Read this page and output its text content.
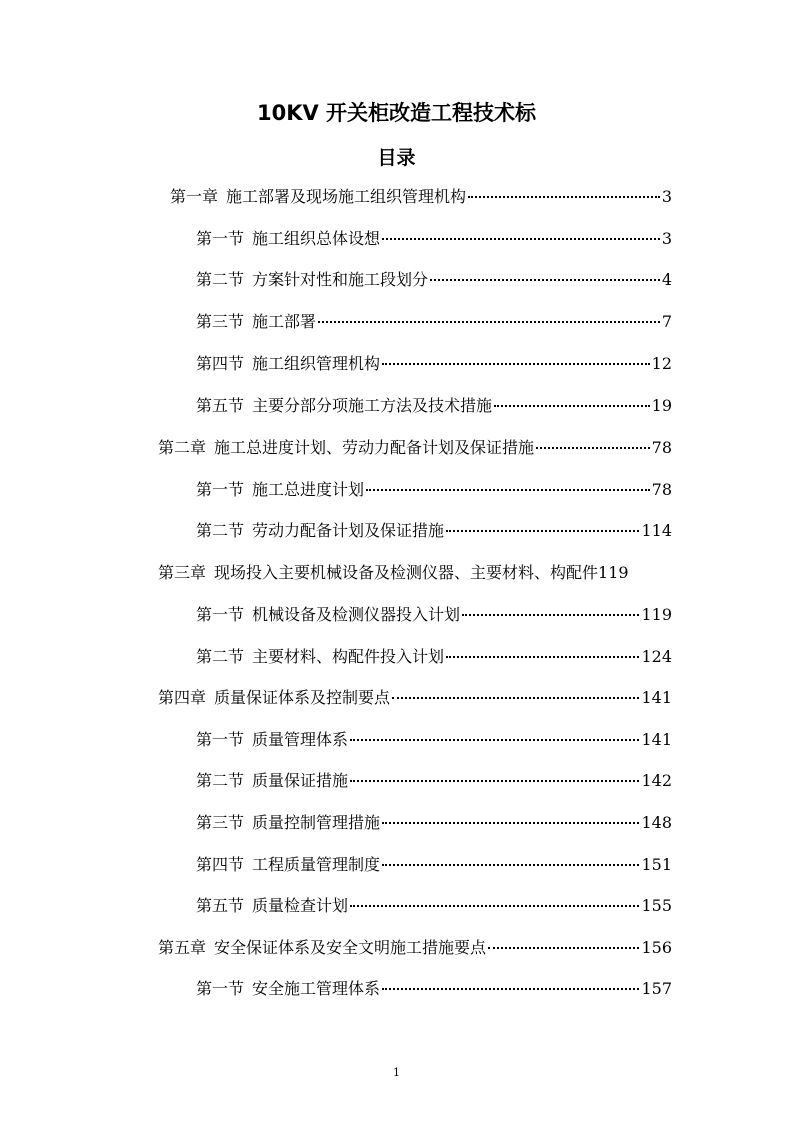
10KV 开关柜改造工程技术标
目录
第一章 施工部署及现场施工组织管理机构	3
第一节 施工组织总体设想	3
第二节 方案针对性和施工段划分	4
第三节 施工部署	7
第四节 施工组织管理机构	12
第五节 主要分部分项施工方法及技术措施	19
第二章 施工总进度计划、劳动力配备计划及保证措施	78
第一节 施工总进度计划	78
第二节 劳动力配备计划及保证措施	114
第三章 现场投入主要机械设备及检测仪器、主要材料、构配件 119
第一节 机械设备及检测仪器投入计划	119
第二节 主要材料、构配件投入计划	124
第四章 质量保证体系及控制要点	141
第一节 质量管理体系	141
第二节 质量保证措施	142
第三节 质量控制管理措施	148
第四节 工程质量管理制度	151
第五节 质量检查计划	155
第五章 安全保证体系及安全文明施工措施要点	156
第一节 安全施工管理体系	157
1
